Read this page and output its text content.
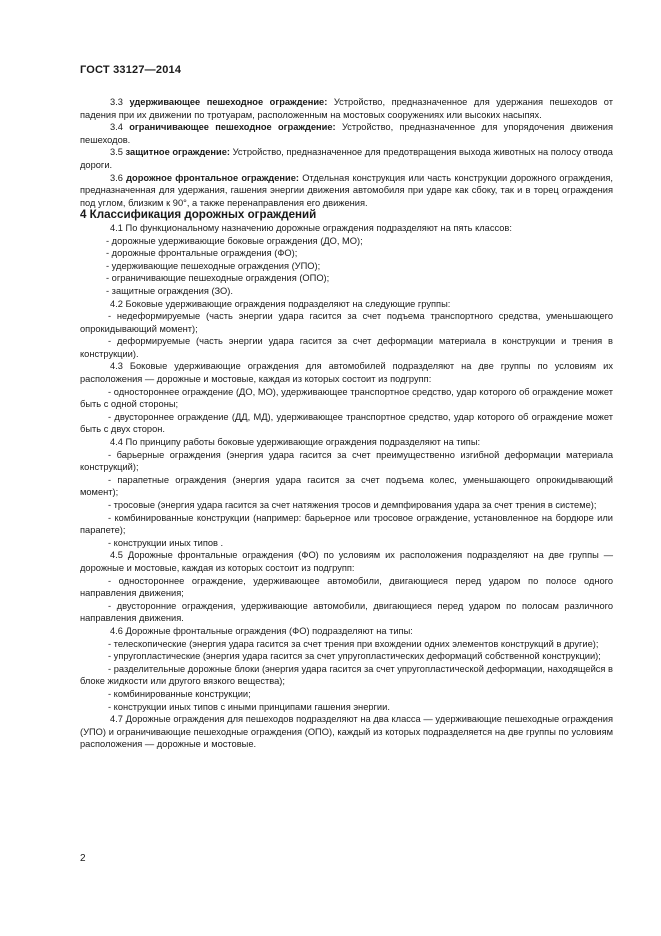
ГОСТ 33127—2014

3.3 удерживающее пешеходное ограждение: Устройство, предназначенное для удержания пешеходов от падения при их движении по тротуарам, расположенным на мостовых сооружениях или высоких насыпях.

3.4 ограничивающее пешеходное ограждение: Устройство, предназначенное для упорядочения движения пешеходов.

3.5 защитное ограждение: Устройство, предназначенное для предотвращения выхода животных на полосу отвода дороги.

3.6 дорожное фронтальное ограждение: Отдельная конструкция или часть конструкции дорожного ограждения, предназначенная для удержания, гашения энергии движения автомобиля при ударе как сбоку, так и в торец ограждения под углом, близким к 90°, а также перенаправления его движения.

4 Классификация дорожных ограждений

4.1 По функциональному назначению дорожные ограждения подразделяют на пять классов:

- дорожные удерживающие боковые ограждения (ДО, МО);

- дорожные фронтальные ограждения (ФО);

- удерживающие пешеходные ограждения (УПО);

- ограничивающие пешеходные ограждения (ОПО);

- защитные ограждения (ЗО).

4.2 Боковые удерживающие ограждения подразделяют на следующие группы:

- недеформируемые (часть энергии удара гасится за счет подъема транспортного средства, уменьшающего опрокидывающий момент);

- деформируемые (часть энергии удара гасится за счет деформации материала в конструкции и трения в конструкции).

4.3 Боковые удерживающие ограждения для автомобилей подразделяют на две группы по условиям их расположения — дорожные и мостовые, каждая из которых состоит из подгрупп:

- одностороннее ограждение (ДО, МО), удерживающее транспортное средство, удар которого об ограждение может быть с одной стороны;

- двустороннее ограждение (ДД, МД), удерживающее транспортное средство, удар которого об ограждение может быть с двух сторон.

4.4 По принципу работы боковые удерживающие ограждения подразделяют на типы:

- барьерные ограждения (энергия удара гасится за счет преимущественно изгибной деформации материала конструкций);

- парапетные ограждения (энергия удара гасится за счет подъема колес, уменьшающего опрокидывающий момент);

- тросовые (энергия удара гасится за счет натяжения тросов и демпфирования удара за счет трения в системе);

- комбинированные конструкции (например: барьерное или тросовое ограждение, установленное на бордюре или парапете);

- конструкции иных типов .

4.5 Дорожные фронтальные ограждения (ФО) по условиям их расположения подразделяют на две группы — дорожные и мостовые, каждая из которых состоит из подгрупп:

- одностороннее ограждение, удерживающее автомобили, двигающиеся перед ударом по полосе одного направления движения;

- двусторонние ограждения, удерживающие автомобили, двигающиеся перед ударом по полосам различного направления движения.

4.6 Дорожные фронтальные ограждения (ФО) подразделяют на типы:

- телескопические (энергия удара гасится за счет трения при вхождении одних элементов конструкций в другие);

- упругопластические (энергия удара гасится за счет упругопластических деформаций собственной конструкции);

- разделительные дорожные блоки (энергия удара гасится за счет упругопластической деформации, находящейся в блоке жидкости или другого вязкого вещества);

- комбинированные конструкции;

- конструкции иных типов с иными принципами гашения энергии.

4.7 Дорожные ограждения для пешеходов подразделяют на два класса — удерживающие пешеходные ограждения (УПО) и ограничивающие пешеходные ограждения (ОПО), каждый из которых подразделяется на две группы по условиям расположения — дорожные и мостовые.

2
